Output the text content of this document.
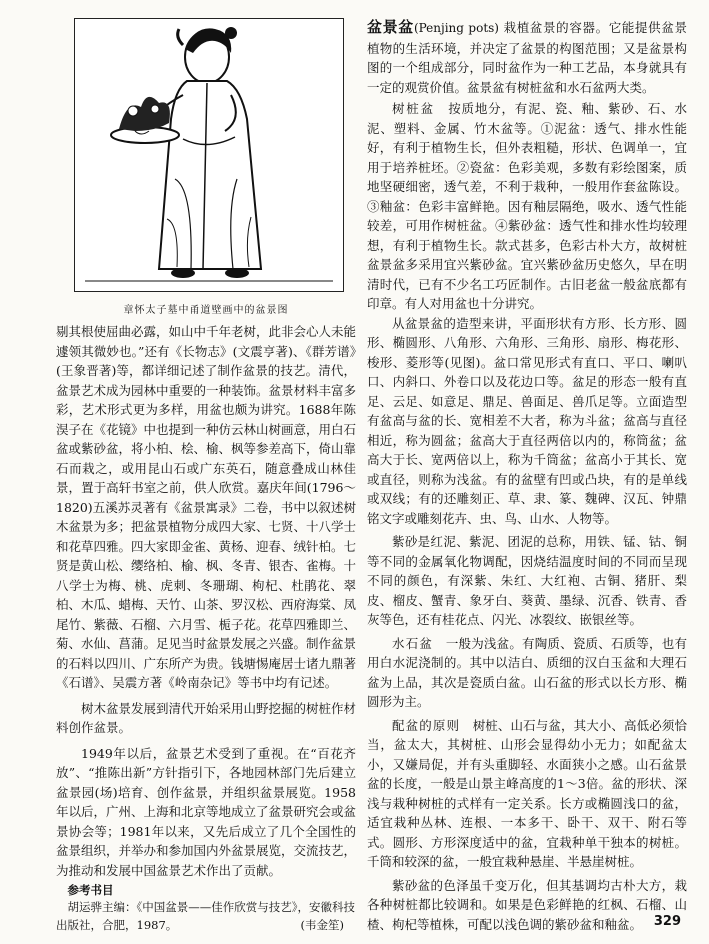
章怀太子墓中甬道壁画中的盆景图

剔其根使屈曲必露，如山中千年老树，此非会心人未能遽领其微妙也。”还有《长物志》(文震亨著)、《群芳谱》(王象晋著)等，都详细记述了制作盆景的技艺。清代，盆景艺术成为园林中重要的一种装饰。盆景材料丰富多彩，艺术形式更为多样，用盆也颇为讲究。1688年陈淏子在《花镜》中也提到一种仿云林山树画意，用白石盆或紫砂盆，将小柏、桧、榆、枫等参差高下，倚山靠石而栽之，或用昆山石或广东英石，随意叠成山林佳景，置于高轩书室之前，供人欣赏。嘉庆年间(1796～1820)五溪苏灵著有《盆景寓录》二卷，书中以叙述树木盆景为多；把盆景植物分成四大家、七贤、十八学士和花草四雅。四大家即金雀、黄杨、迎春、绒针柏。七贤是黄山松、缨络柏、榆、枫、冬青、银杏、雀梅。十八学士为梅、桃、虎刺、冬珊瑚、枸杞、杜鹃花、翠柏、木瓜、蜡梅、天竹、山茶、罗汉松、西府海棠、凤尾竹、紫薇、石榴、六月雪、栀子花。花草四雅即兰、菊、水仙、菖蒲。足见当时盆景发展之兴盛。制作盆景的石料以四川、广东所产为贵。钱塘惕庵居士诸九鼎著《石谱》、吴震方著《岭南杂记》等书中均有记述。

树木盆景发展到清代开始采用山野挖掘的树桩作材料创作盆景。

1949年以后，盆景艺术受到了重视。在“百花齐放”、“推陈出新”方针指引下，各地园林部门先后建立盆景园(场)培育、创作盆景，并组织盆景展览。1958年以后，广州、上海和北京等地成立了盆景研究会或盆景协会等；1981年以来，又先后成立了几个全国性的盆景组织，并举办和参加国内外盆景展览，交流技艺，为推动和发展中国盆景艺术作出了贡献。

参考书目

胡运骅主编：《中国盆景——佳作欣赏与技艺》，安徽科技出版社，合肥，1987。	(韦金笙)

盆景盆(Penjing pots) 栽植盆景的容器。它能提供盆景植物的生活环境，并决定了盆景的构图范围；又是盆景构图的一个组成部分，同时盆作为一种工艺品，本身就具有一定的观赏价值。盆景盆有树桩盆和水石盆两大类。

树桩盆　 按质地分，有泥、瓷、釉、紫砂、石、水泥、塑料、金属、竹木盆等。①泥盆：透气、排水性能好，有利于植物生长，但外表粗糙，形状、色调单一，宜用于培养桩坯。②瓷盆：色彩美观，多数有彩绘图案，质地坚硬细密，透气差，不利于栽种，一般用作套盆陈设。③釉盆：色彩丰富鲜艳。因有釉层隔绝，吸水、透气性能较差，可用作树桩盆。④紫砂盆：透气性和排水性均较理想，有利于植物生长。款式甚多，色彩古朴大方，故树桩盆景盆多采用宜兴紫砂盆。宜兴紫砂盆历史悠久，早在明清时代，已有不少名工巧匠制作。古旧老盆一般盆底都有印章。有人对用盆也十分讲究。

从盆景盆的造型来讲，平面形状有方形、长方形、圆形、椭圆形、八角形、六角形、三角形、扇形、梅花形、梭形、菱形等(见图)。盆口常见形式有直口、平口、喇叭口、内斜口、外卷口以及花边口等。盆足的形态一般有直足、云足、如意足、鼎足、兽面足、兽爪足等。立面造型有盆高与盆的长、宽相差不大者，称为斗盆；盆高与直径相近，称为圆盆；盆高大于直径两倍以内的，称筒盆；盆高大于长、宽两倍以上，称为千筒盆；盆高小于其长、宽或直径，则称为浅盆。有的盆壁有凹或凸块，有的是单线或双线；有的还雕刻正、草、隶、篆、魏碑、汉瓦、钟鼎铭文字或雕刻花卉、虫、鸟、山水、人物等。

紫砂是红泥、紫泥、团泥的总称，用铁、锰、钴、铜等不同的金属氧化物调配，因烧结温度时间的不同而呈现不同的颜色，有深紫、朱红、大红袍、古铜、猪肝、梨皮、榴皮、蟹青、象牙白、葵黄、墨绿、沉香、铁青、香灰等色，还有桂花点、闪光、冰裂纹、嵌银丝等。

水石盆　 一般为浅盆。有陶质、瓷质、石质等，也有用白水泥浇制的。其中以洁白、质细的汉白玉盆和大理石盆为上品，其次是瓷质白盆。山石盆的形式以长方形、椭圆形为主。

配盆的原则　 树桩、山石与盆，其大小、高低必须恰当，盆太大，其树桩、山形会显得幼小无力；如配盆太小，又嫌局促，并有头重脚轻、水面狭小之感。山石盆景盆的长度，一般是山景主峰高度的1～3倍。盆的形状、深浅与栽种树桩的式样有一定关系。长方或椭圆浅口的盆，适宜栽种丛林、连根、一本多干、卧干、双干、附石等式。圆形、方形深度适中的盆，宜栽种单干独本的树桩。千筒和较深的盆，一般宜栽种悬崖、半悬崖树桩。

紫砂盆的色泽虽千变万化，但其基调均古朴大方，栽各种树桩都比较调和。如果是色彩鲜艳的红枫、石榴、山楂、枸杞等植株，可配以浅色调的紫砂盆和釉盆。 329
